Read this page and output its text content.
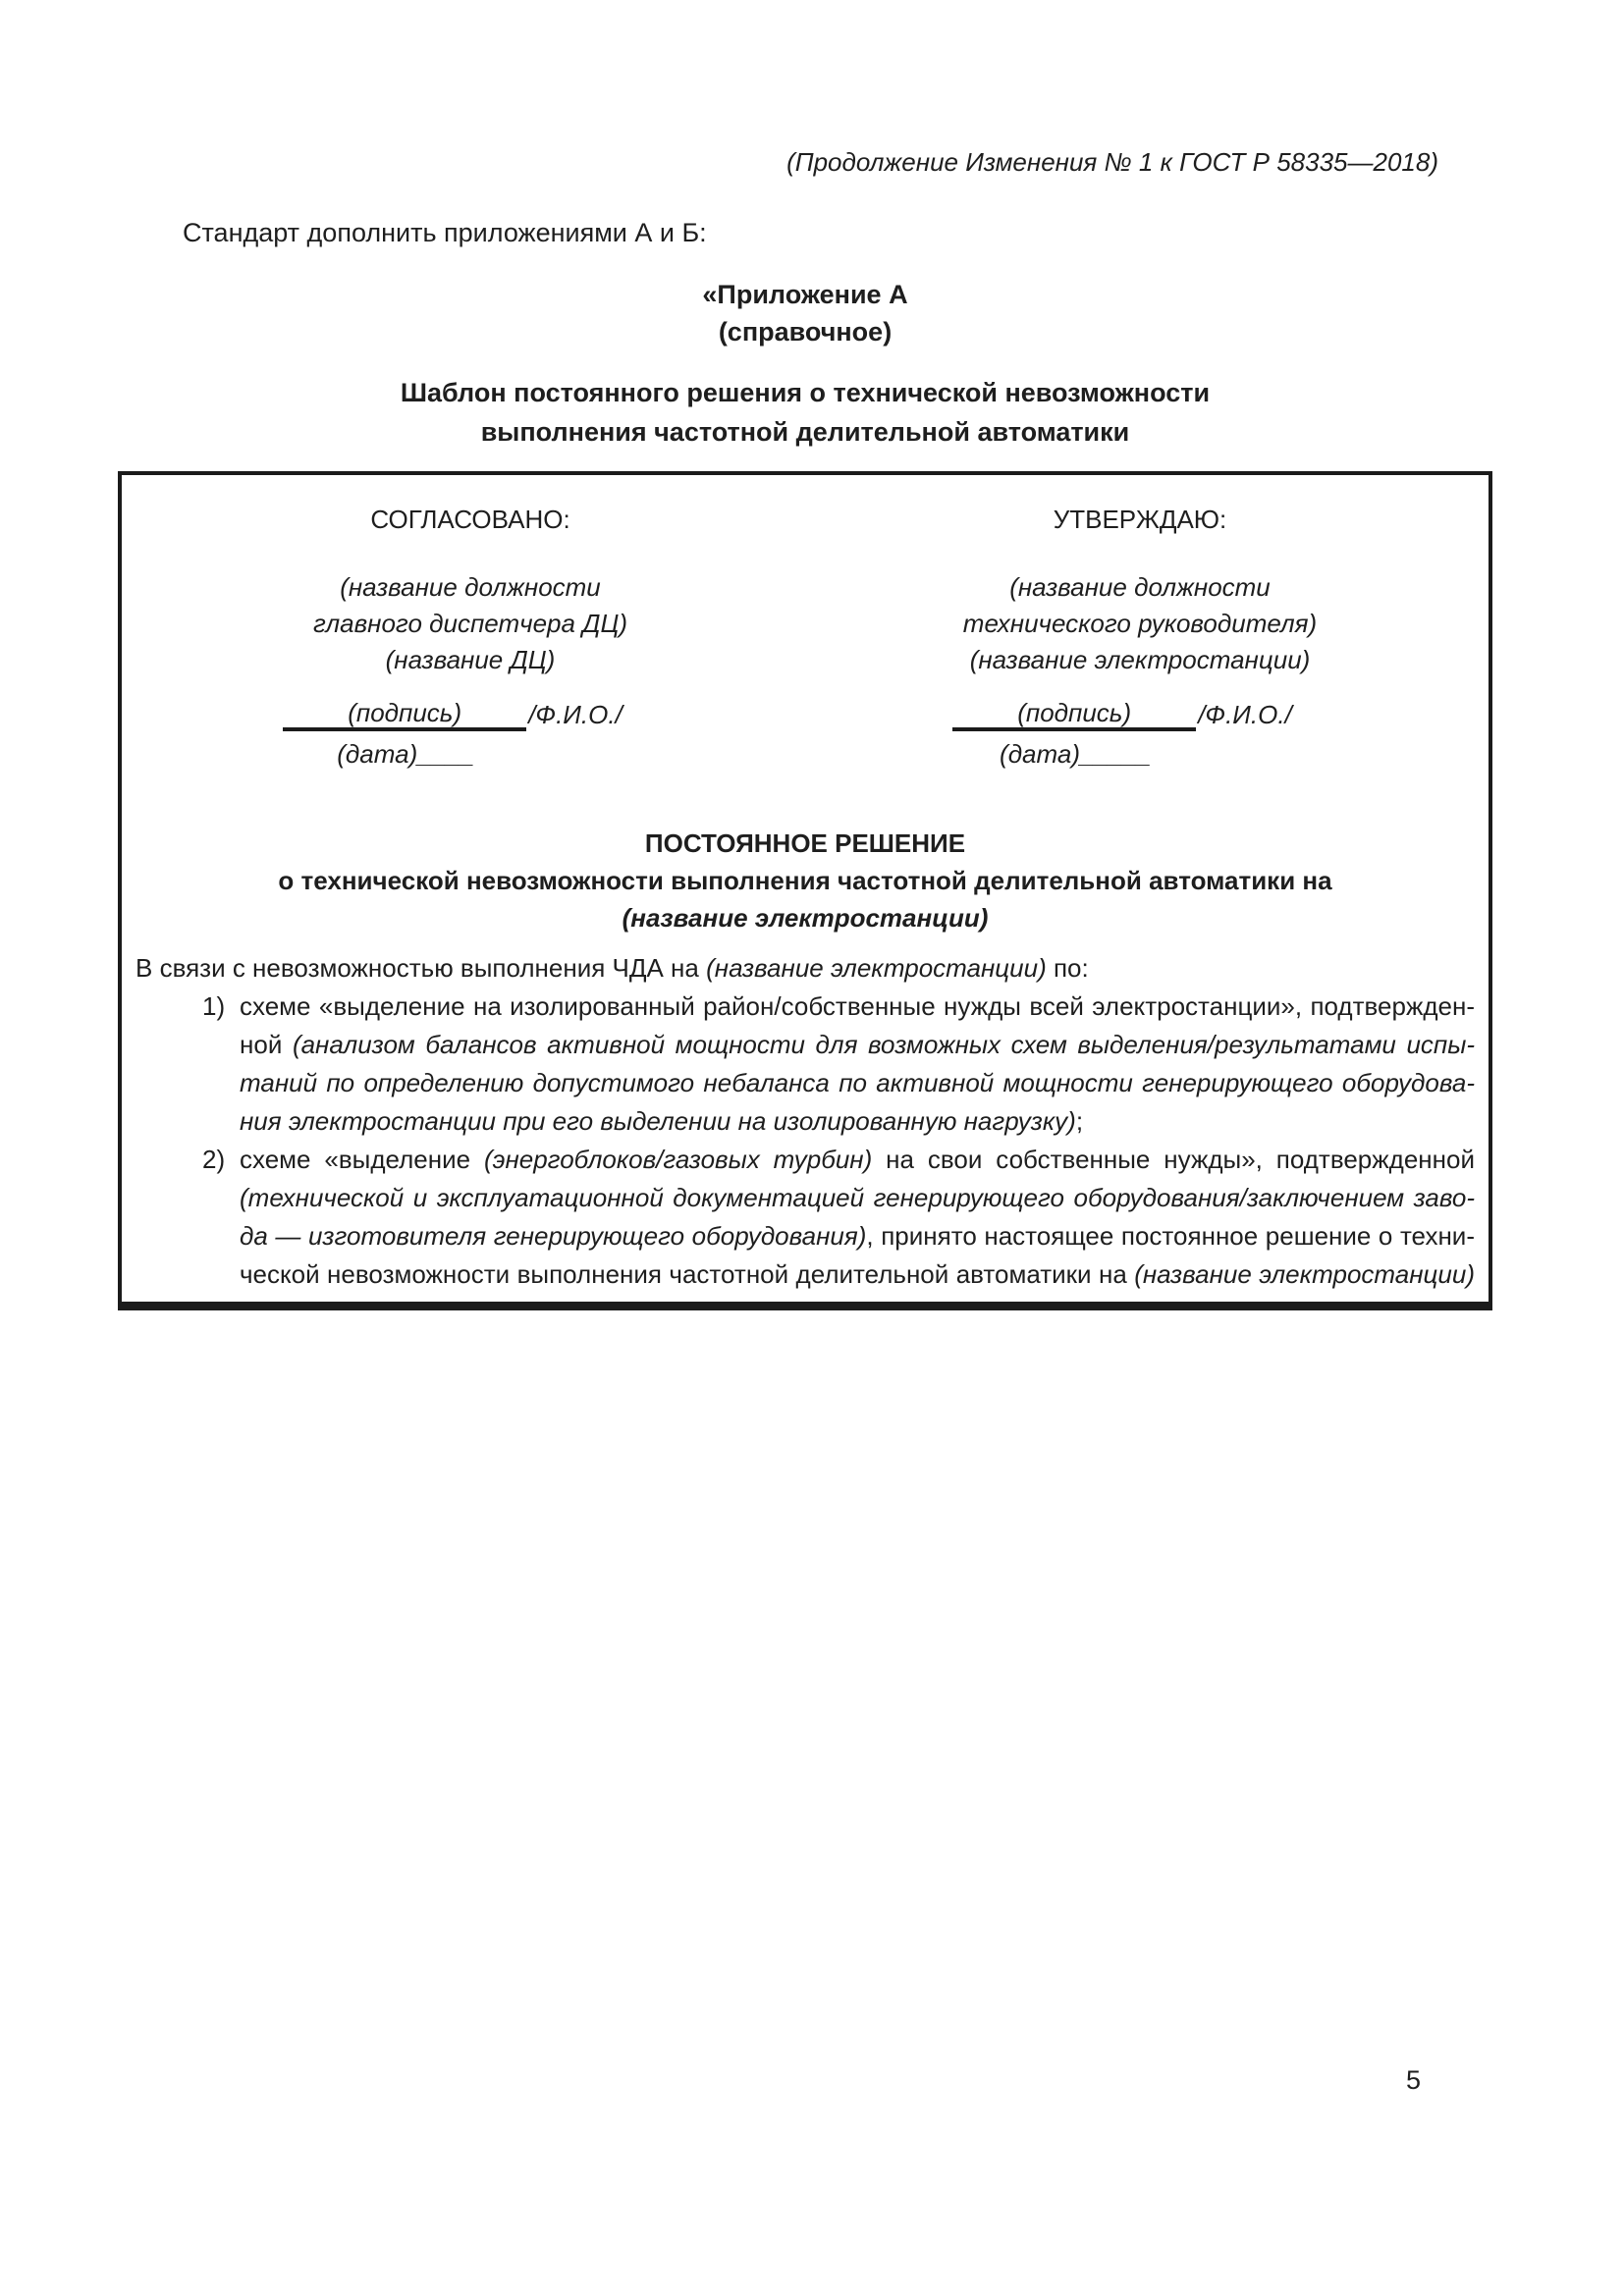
(Продолжение Изменения № 1 к ГОСТ Р 58335—2018)
Стандарт дополнить приложениями А и Б:
«Приложение А
(справочное)
Шаблон постоянного решения о технической невозможности
выполнения частотной делительной автоматики
СОГЛАСОВАНО:
(название должности
главного диспетчера ДЦ)
(название ДЦ)
(подпись)	/Ф.И.О./
(дата)____
УТВЕРЖДАЮ:
(название должности
технического руководителя)
(название электростанции)
(подпись)	/Ф.И.О./
(дата)_____
ПОСТОЯННОЕ РЕШЕНИЕ
о технической невозможности выполнения частотной делительной автоматики на
(название электростанции)
В связи с невозможностью выполнения ЧДА на (название электростанции) по:
1) схеме «выделение на изолированный район/собственные нужды всей электростанции», подтвержден-
ной (анализом балансов активной мощности для возможных схем выделения/результатами испы-
таний по определению допустимого небаланса по активной мощности генерирующего оборудова-
ния электростанции при его выделении на изолированную нагрузку);
2) схеме «выделение (энергоблоков/газовых турбин) на свои собственные нужды», подтвержденной
(технической и эксплуатационной документацией генерирующего оборудования/заключением заво-
да — изготовителя генерирующего оборудования), принято настоящее постоянное решение о техни-
ческой невозможности выполнения частотной делительной автоматики на (название электростанции)
5
